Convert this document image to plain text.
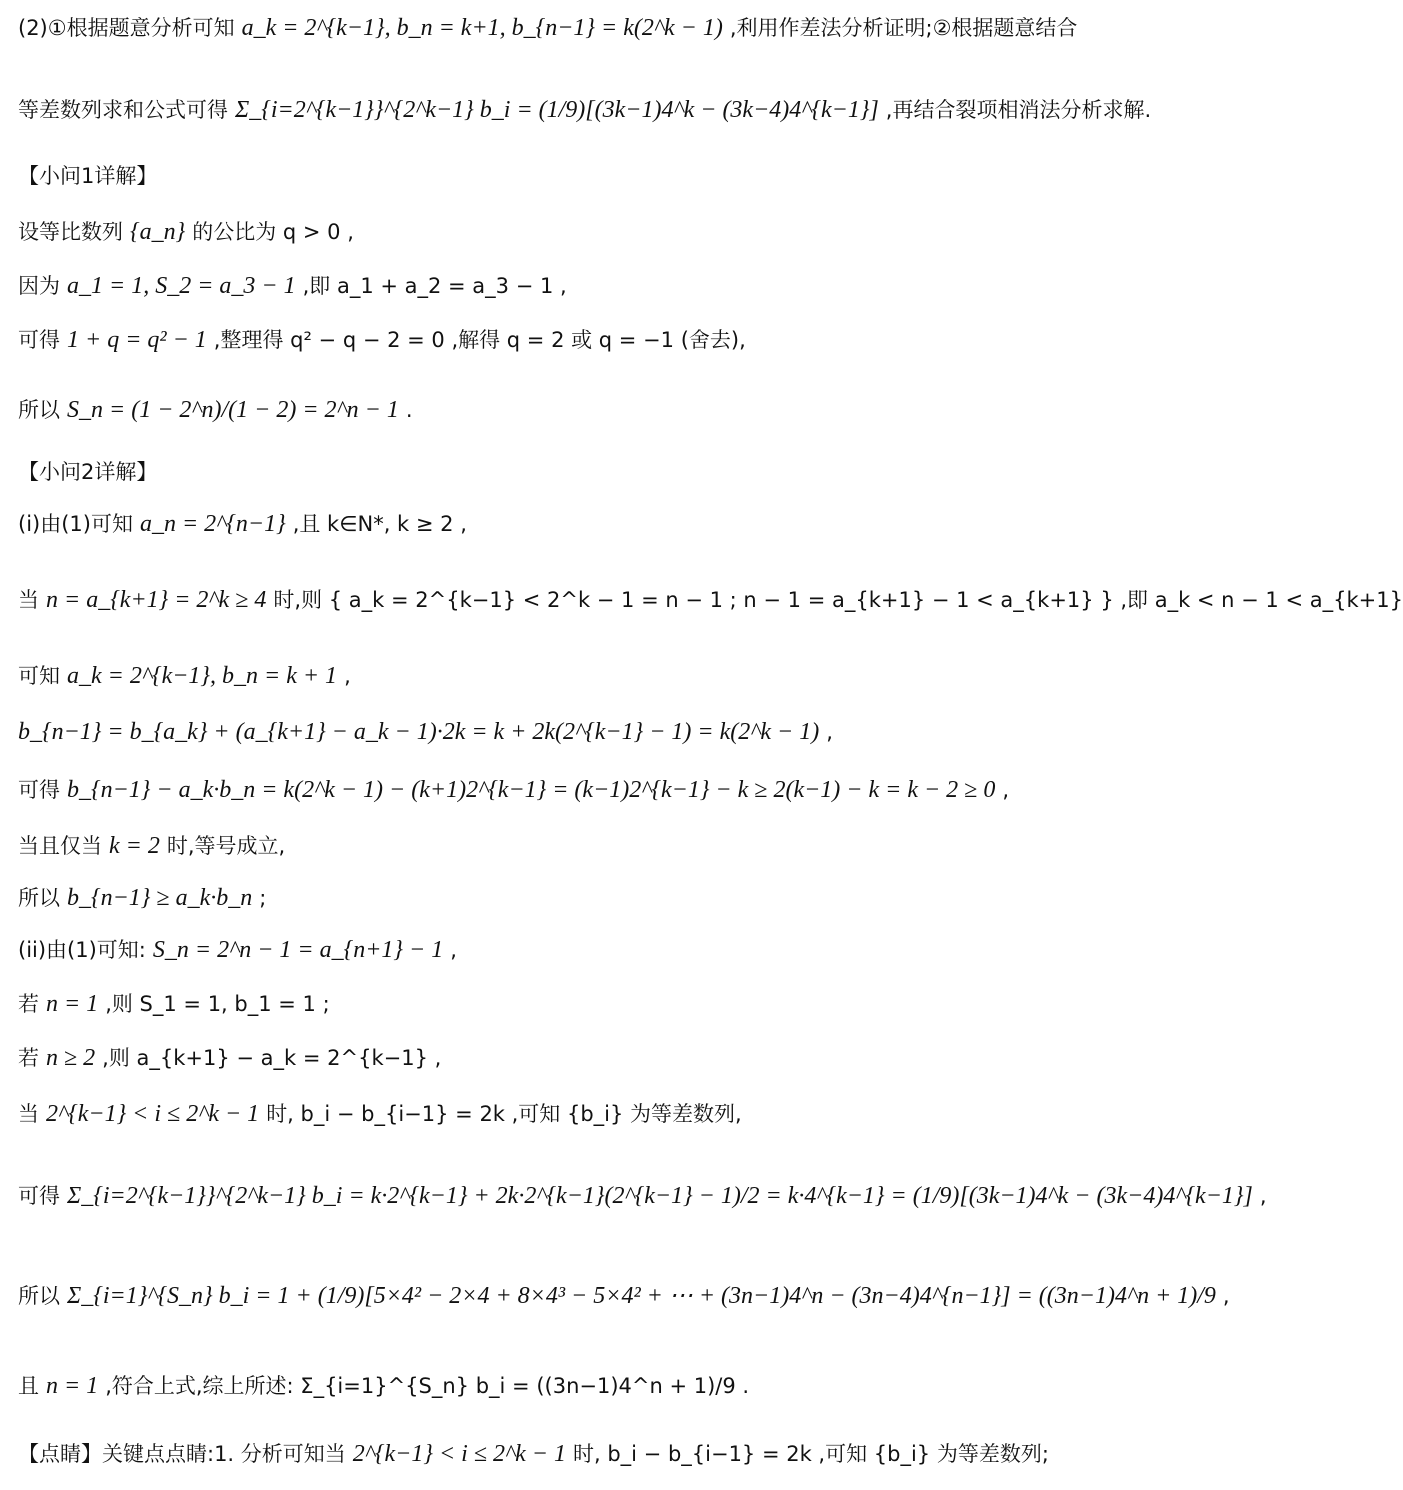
(2)①根据题意分析可知 a_k = 2^{k−1}, b_n = k+1, b_{n−1} = k(2^k − 1) ,利用作差法分析证明;②根据题意结合
等差数列求和公式可得 Σ_{i=2^{k−1}}^{2^k−1} b_i = (1/9)[(3k−1)4^k − (3k−4)4^{k−1}] ,再结合裂项相消法分析求解.
【小问1详解】
设等比数列 {a_n} 的公比为 q > 0 ,
因为 a_1 = 1, S_2 = a_3 − 1 ,即 a_1 + a_2 = a_3 − 1 ,
可得 1 + q = q² − 1 ,整理得 q² − q − 2 = 0 ,解得 q = 2 或 q = −1 (舍去),
所以 S_n = (1 − 2^n)/(1 − 2) = 2^n − 1 .
【小问2详解】
(i)由(1)可知 a_n = 2^{n−1} ,且 k∈N*, k ≥ 2 ,
当 n = a_{k+1} = 2^k ≥ 4 时,则 { a_k = 2^{k−1} < 2^k − 1 = n − 1 ; n − 1 = a_{k+1} − 1 < a_{k+1} } ,即 a_k < n − 1 < a_{k+1}
可知 a_k = 2^{k−1}, b_n = k + 1 ,
b_{n−1} = b_{a_k} + (a_{k+1} − a_k − 1)·2k = k + 2k(2^{k−1} − 1) = k(2^k − 1) ,
可得 b_{n−1} − a_k·b_n = k(2^k − 1) − (k+1)2^{k−1} = (k−1)2^{k−1} − k ≥ 2(k−1) − k = k − 2 ≥ 0 ,
当且仅当 k = 2 时,等号成立,
所以 b_{n−1} ≥ a_k·b_n ;
(ii)由(1)可知: S_n = 2^n − 1 = a_{n+1} − 1 ,
若 n = 1 ,则 S_1 = 1, b_1 = 1 ;
若 n ≥ 2 ,则 a_{k+1} − a_k = 2^{k−1} ,
当 2^{k−1} < i ≤ 2^k − 1 时, b_i − b_{i−1} = 2k ,可知 {b_i} 为等差数列,
可得 Σ_{i=2^{k−1}}^{2^k−1} b_i = k·2^{k−1} + 2k·2^{k−1}(2^{k−1} − 1)/2 = k·4^{k−1} = (1/9)[(3k−1)4^k − (3k−4)4^{k−1}] ,
所以 Σ_{i=1}^{S_n} b_i = 1 + (1/9)[5×4² − 2×4 + 8×4³ − 5×4² + ⋯ + (3n−1)4^n − (3n−4)4^{n−1}] = ((3n−1)4^n + 1)/9 ,
且 n = 1 ,符合上式,综上所述: Σ_{i=1}^{S_n} b_i = ((3n−1)4^n + 1)/9 .
【点睛】关键点点睛:1. 分析可知当 2^{k−1} < i ≤ 2^k − 1 时, b_i − b_{i−1} = 2k ,可知 {b_i} 为等差数列;
